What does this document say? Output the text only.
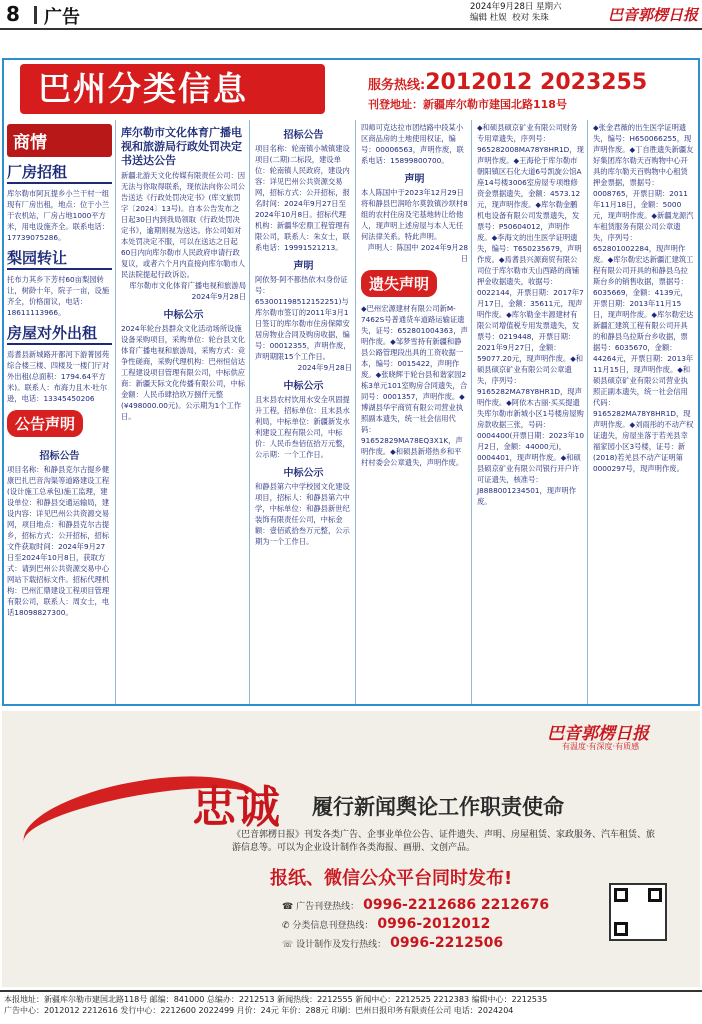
8 广告	2024年9月28日 星期六
编辑 杜娱 校对 朱珠	巴音郭楞日报
巴州分类信息	服务热线:2012012 2023255
刊登地址：新疆库尔勒市建国北路118号
商情
厂房招租
库尔勒市阿瓦提乡小兰干村一组现有厂房出租，地点：位于小兰干农机站，厂房占地1000平方米，用电设施齐全。联系电话：17739075286。
梨园转让
托布力其乡下芳村60亩梨园转让，树龄十年，院子一亩，设施齐全，价格面议，电话：18611113966。
房屋对外出租
焉耆县新城路开都河下游菁园苑综合楼三楼、四楼及一楼门厅对外出租(总面积：1794.64平方米)。联系人：布海力且木·吐尔逊，电话：13345450206
公告声明
招标公告
项目名称：和静县克尔古提乡健康巴扎巴音沟渠等道路建设工程(设计施工总承包)施工监理，建设单位：和静县交通运输局，建设内容：详见巴州公共资源交易网，项目地点：和静县克尔古提乡，招标方式：公开招标，招标文件获取时间：2024年9月27日至2024年10月8日，获取方式：请到巴州公共资源交易中心网站下载招标文件。招标代理机构：巴州汇鼎建设工程项目管理有限公司，联系人：周女士，电话18098827300。
库尔勒市文化体育广播电视和旅游局行政处罚决定书送达公告
新疆北游天文化传媒有限责任公司：因无法与你取得联系，现依法向你公司公告送达《行政处罚决定书》(库文旅罚字〔2024〕13号)。自本公告发布之日起30日内到我局领取《行政处罚决定书》，逾期则视为送达。你公司如对本处罚决定不服，可以在送达之日起60日内向库尔勒市人民政府申请行政复议，或者六个月内直接向库尔勒市人民法院提起行政诉讼。
库尔勒市文化体育广播电视和旅游局
2024年9月28日
中标公示
2024年轮台县群众文化活动场所设施设备采购项目，采购单位：轮台县文化体育广播电视和旅游局，采购方式：竞争性磋商，采购代理机构：巴州恒信达工程建设项目管理有限公司，中标供应商：新疆天际文化传播有限公司，中标金额：人民币肆拾玖万捌仟元整(¥498000.00元)。公示期为1个工作日。
招标公告
项目名称：轮南镇小城镇建设项目(二期)二标段，建设单位：轮南镇人民政府，建设内容：详见巴州公共资源交易网，招标方式：公开招标，报名时间：2024年9月27日至2024年10月8日。招标代理机构：新疆华宏鼎工程管理有限公司，联系人：朱女士，联系电话：19991521213。
声明
阿依努·阿不都热依木(身份证号：653001198512152251)与库尔勒市签订的2011年3月1日签订的库尔勒市住房保障安居房物业合同及购房收据，编号：00012355，声明作废，声明期限15个工作日。
2024年9月28日
中标公示
且末县农村饮用水安全巩固提升工程，招标单位：且末县水利局，中标单位：新疆新发水利建设工程有限公司，中标价：人民币叁佰伍拾万元整，公示期：一个工作日。
中标公示
和静县第六中学校园文化建设项目，招标人：和静县第六中学，中标单位：和静县新世纪装饰有限责任公司，中标金额：壹佰贰拾叁万元整，公示期为一个工作日。
四师可克达拉市团结路中段某小区商品房的土地使用权证，编号：00006563，声明作废，联系电话：15899800700。
声明
本人陈国中于2023年12月29日将和静县巴润哈尔莫敦镇沙坝村8组的农村住房及宅基地转让给他人，现声明上述房屋与本人无任何法律关系。特此声明。
声明人：陈国中 2024年9月28日
遗失声明
◆巴州宏源建材有限公司新M-7462S号普通货车道路运输证遗失，证号：652801004363，声明作废。◆邹梦雪持有新疆和静县公路管理段出具的工资收据一本，编号：0015422，声明作废。◆张晓辉于轮台县和谐家园2栋3单元101室购房合同遗失，合同号：0001357，声明作废。◆博湖县华宇商贸有限公司营业执照副本遗失，统一社会信用代码：91652829MA78EQ3X1K，声明作废。◆和硕县新塔热乡和平村村委会公章遗失，声明作废。
◆和硕县硕京矿业有限公司财务专用章遗失，序列号：965282008MA78Y8HR1D，现声明作废。◆王海伦于库尔勒市朝阳镇区石化大道6号凯旋公馆A座14号楼3006室房屋专项维修资金票据遗失，金额：4573.12元，现声明作废。◆库尔勒金鹏机电设备有限公司发票遗失，发票号：P50604012，声明作废。◆李海文的出生医学证明遗失，编号：T650235679，声明作废。◆焉耆县兴源商贸有限公司位于库尔勒市天山西路的商铺押金收据遗失，收据号：0022144，开票日期：2017年7月17日，金额：35611元，现声明作废。◆库尔勒金丰源建材有限公司增值税专用发票遗失，发票号：0219448，开票日期：2021年9月27日，金额：59077.20元，现声明作废。◆和硕县硕京矿业有限公司公章遗失，序列号：9165282MA78Y8HR1D，现声明作废。◆阿依木古丽·买买提遗失库尔勒市新城小区1号楼房屋购房款收据三张，号码：0004400(开票日期：2023年10月2日，金额：44000元)，0004401，现声明作废。◆和硕县硕京矿业有限公司银行开户许可证遗失，核准号：J8888001234501，现声明作废。
◆张金君薇的出生医学证明遗失，编号：H650066255，现声明作废。◆丁自胜遗失新疆友好集团库尔勒天百购物中心开具的库尔勒天百购物中心租赁押金票据，票据号：0008765，开票日期：2011年11月18日，金额：5000元，现声明作废。◆新疆龙源汽车租赁服务有限公司公章遗失，序列号：652801002284，现声明作废。◆库尔勒宏达新疆汇建筑工程有限公司开具的和静县乌拉斯台乡的销售收据，票据号：6035669，金额：4139元，开票日期：2013年11月15日，现声明作废。◆库尔勒宏达新疆汇建筑工程有限公司开具的和静县乌拉斯台乡收据，票据号：6035670，金额：44264元，开票日期：2013年11月15日，现声明作废。◆和硕县硕京矿业有限公司营业执照正副本遗失，统一社会信用代码：9165282MA78Y8HR1D，现声明作废。◆刘雨彤的不动产权证遗失，房屋坐落于若羌县幸福家园小区3号楼，证号：新(2018)若羌县不动产证明第0000297号，现声明作废。
巴音郭楞日报
有温度·有深度·有质感
忠诚 履行新闻舆论工作职责使命
《巴音郭楞日报》刊发各类广告、企事业单位公告、证件遗失、声明、房屋租赁、家政服务、汽车租赁、旅游信息等。可以为企业设计制作各类海报、画册、文创产品。
报纸、微信公众平台同时发布!
☎ 广告刊登热线： 0996-2212686 2212676
✆ 分类信息刊登热线： 0996-2012012
☏ 设计制作及发行热线： 0996-2212506
本报地址：新疆库尔勒市建国北路118号 邮编：841000 总编办：2212513 新闻热线：2212555 新闻中心：2212525 2212383 编辑中心：2212535
广告中心：2012012 2212616 发行中心：2212600 2022499 月价：24元 年价：288元 印刷：巴州日报印务有限责任公司 电话：2024204
